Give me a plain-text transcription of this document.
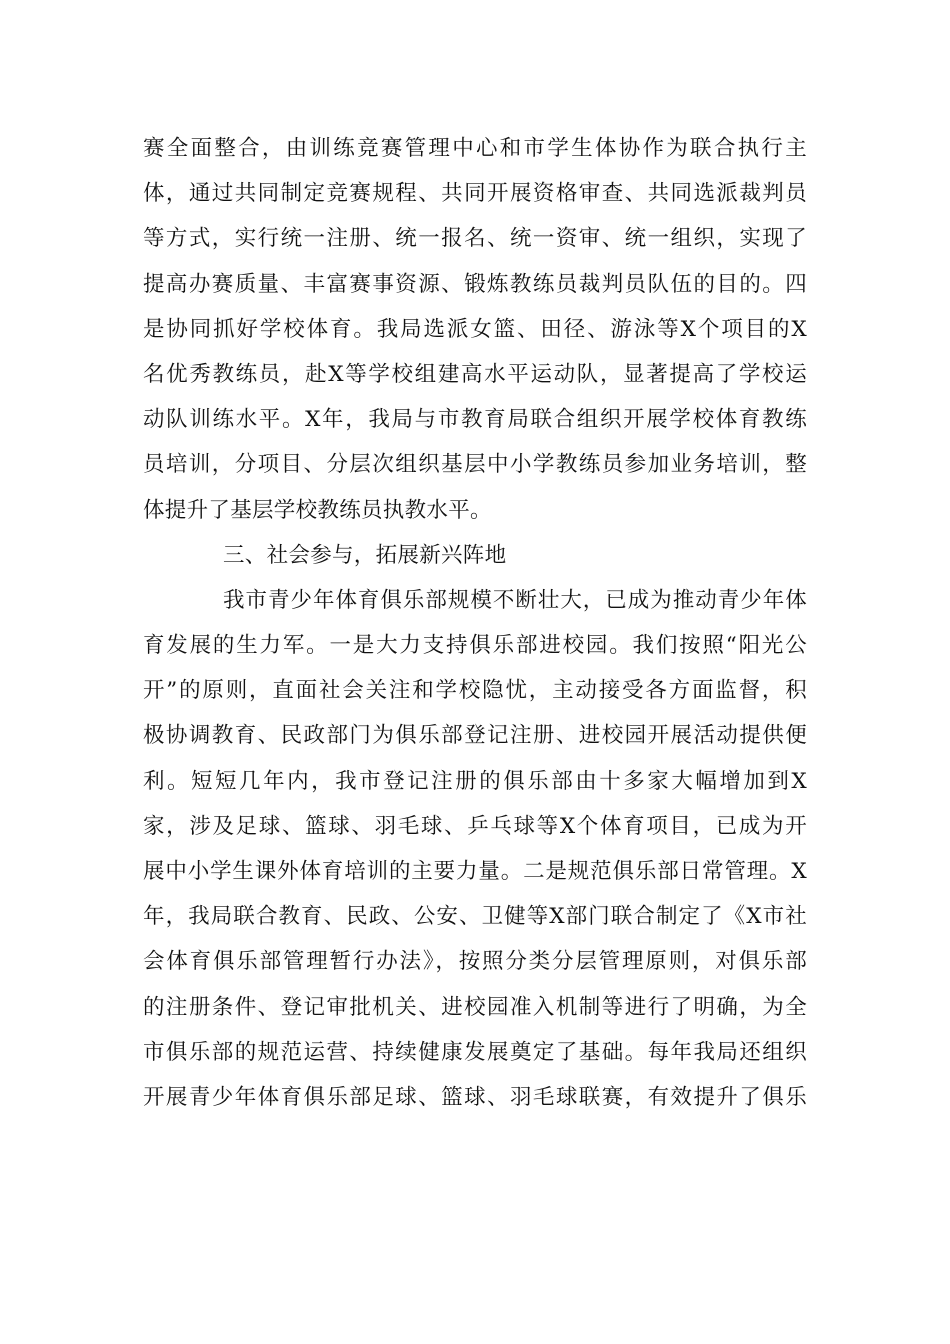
赛全面整合，由训练竞赛管理中心和市学生体协作为联合执行主
体，通过共同制定竞赛规程、共同开展资格审查、共同选派裁判员
等方式，实行统一注册、统一报名、统一资审、统一组织，实现了
提高办赛质量、丰富赛事资源、锻炼教练员裁判员队伍的目的。四
是协同抓好学校体育。我局选派女篮、田径、游泳等X个项目的X
名优秀教练员，赴X等学校组建高水平运动队，显著提高了学校运
动队训练水平。X年，我局与市教育局联合组织开展学校体育教练
员培训，分项目、分层次组织基层中小学教练员参加业务培训，整
体提升了基层学校教练员执教水平。
三、社会参与，拓展新兴阵地
我市青少年体育俱乐部规模不断壮大，已成为推动青少年体
育发展的生力军。一是大力支持俱乐部进校园。我们按照“阳光公
开”的原则，直面社会关注和学校隐忧，主动接受各方面监督，积
极协调教育、民政部门为俱乐部登记注册、进校园开展活动提供便
利。短短几年内，我市登记注册的俱乐部由十多家大幅增加到X
家，涉及足球、篮球、羽毛球、乒乓球等X个体育项目，已成为开
展中小学生课外体育培训的主要力量。二是规范俱乐部日常管理。X
年，我局联合教育、民政、公安、卫健等X部门联合制定了《X市社
会体育俱乐部管理暂行办法》，按照分类分层管理原则，对俱乐部
的注册条件、登记审批机关、进校园准入机制等进行了明确，为全
市俱乐部的规范运营、持续健康发展奠定了基础。每年我局还组织
开展青少年体育俱乐部足球、篮球、羽毛球联赛，有效提升了俱乐
